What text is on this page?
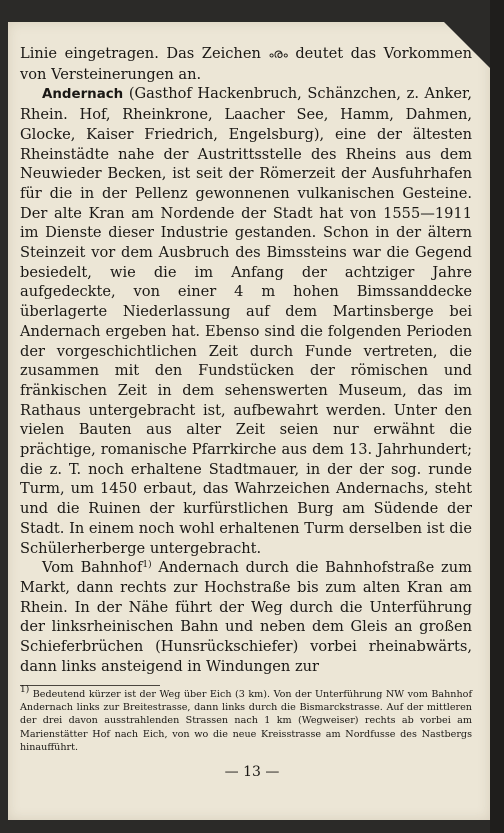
Linie eingetragen. Das Zeichen ൟ deutet das Vorkommen von Versteinerungen an.

Andernach (Gasthof Hackenbruch, Schänzchen, z. Anker, Rhein. Hof, Rheinkrone, Laacher See, Hamm, Dahmen, Glocke, Kaiser Friedrich, Engelsburg), eine der ältesten Rheinstädte nahe der Austrittsstelle des Rheins aus dem Neuwieder Becken, ist seit der Römerzeit der Ausfuhrhafen für die in der Pellenz gewonnenen vulkanischen Gesteine. Der alte Kran am Nordende der Stadt hat von 1555—1911 im Dienste dieser Industrie gestanden. Schon in der ältern Steinzeit vor dem Ausbruch des Bimssteins war die Gegend besiedelt, wie die im Anfang der achtziger Jahre aufgedeckte, von einer 4 m hohen Bimssanddecke überlagerte Niederlassung auf dem Martinsberge bei Andernach ergeben hat. Ebenso sind die folgenden Perioden der vorgeschichtlichen Zeit durch Funde vertreten, die zusammen mit den Fundstücken der römischen und fränkischen Zeit in dem sehenswerten Museum, das im Rathaus untergebracht ist, aufbewahrt werden. Unter den vielen Bauten aus alter Zeit seien nur erwähnt die prächtige, romanische Pfarrkirche aus dem 13. Jahrhundert; die z. T. noch erhaltene Stadtmauer, in der der sog. runde Turm, um 1450 erbaut, das Wahrzeichen Andernachs, steht und die Ruinen der kurfürstlichen Burg am Südende der Stadt. In einem noch wohl erhaltenen Turm derselben ist die Schülerherberge untergebracht.

Vom Bahnhof$^{1)}$ Andernach durch die Bahnhofstraße zum Markt, dann rechts zur Hochstraße bis zum alten Kran am Rhein. In der Nähe führt der Weg durch die Unterführung der linksrheinischen Bahn und neben dem Gleis an großen Schieferbrüchen (Hunsrückschiefer) vorbei rheinabwärts, dann links ansteigend in Windungen zur

$^{1)}$ Bedeutend kürzer ist der Weg über Eich (3 km). Von der Unterführung NW vom Bahnhof Andernach links zur Breitestrasse, dann links durch die Bismarckstrasse. Auf der mittleren der drei davon ausstrahlenden Strassen nach 1 km (Wegweiser) rechts ab vorbei am Marienstätter Hof nach Eich, von wo die neue Kreisstrasse am Nordfusse des Nastbergs hinaufführt.

— 13 —
